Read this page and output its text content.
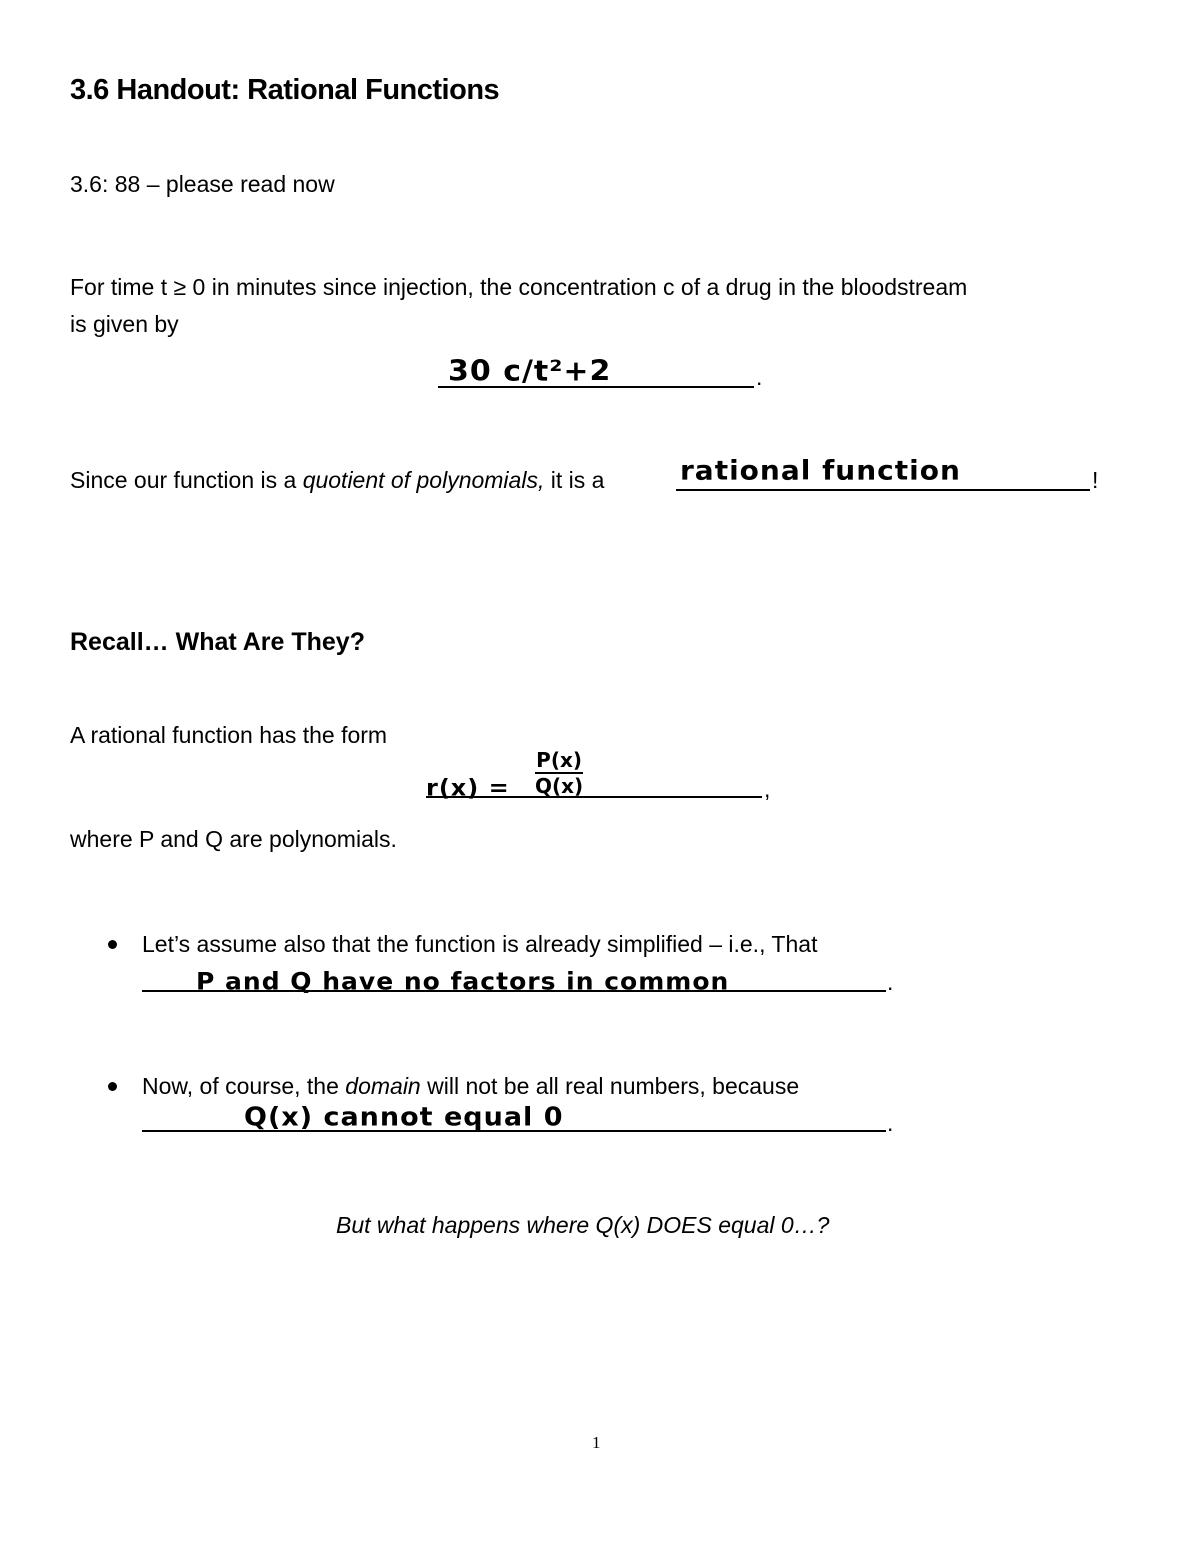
3.6 Handout: Rational Functions
3.6: 88 – please read now
For time t ≥ 0 in minutes since injection, the concentration c of a drug in the bloodstream
is given by
30 c/t²+2	.
Since our function is a quotient of polynomials, it is a	rational function	!
Recall… What Are They?
A rational function has the form
$r(x) = \frac{P(x)}{Q(x)}$	,
where P and Q are polynomials.
Let’s assume also that the function is already simplified – i.e., That
P and Q have no factors in common	.
Now, of course, the domain will not be all real numbers, because
Q(x) cannot equal 0	.
But what happens where Q(x) DOES equal 0…?
1
